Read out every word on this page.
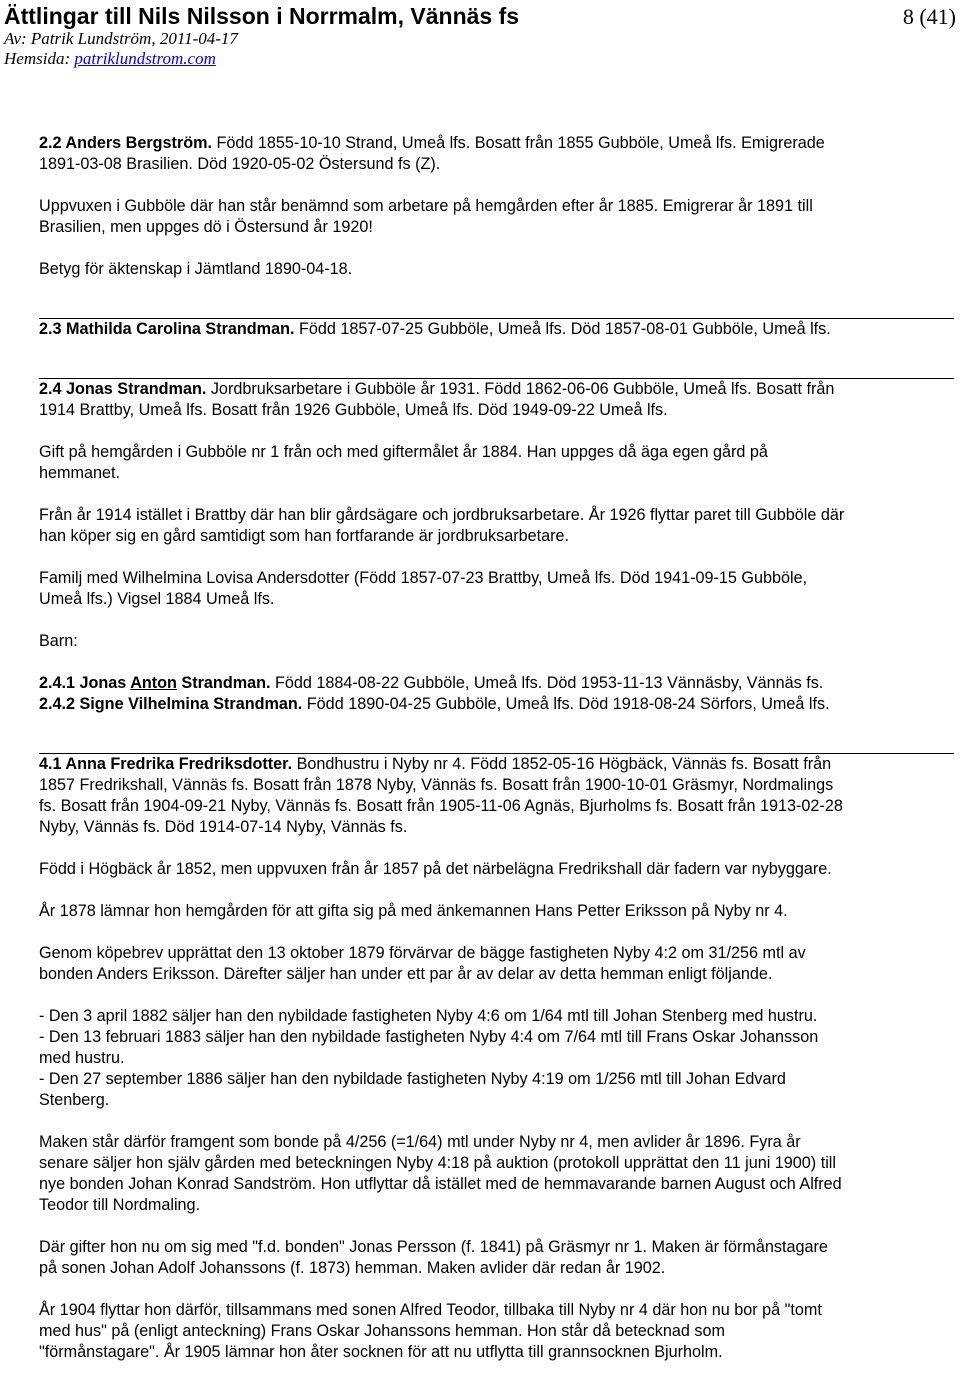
Ättlingar till Nils Nilsson i Norrmalm, Vännäs fs	8 (41)
Av: Patrik Lundström, 2011-04-17
Hemsida: patriklundstrom.com

2.2 Anders Bergström. Född 1855-10-10 Strand, Umeå lfs. Bosatt från 1855 Gubböle, Umeå lfs. Emigrerade

1891-03-08 Brasilien. Död 1920-05-02 Östersund fs (Z).

Uppvuxen i Gubböle där han står benämnd som arbetare på hemgården efter år 1885. Emigrerar år 1891 till

Brasilien, men uppges dö i Östersund år 1920!

Betyg för äktenskap i Jämtland 1890-04-18.

2.3 Mathilda Carolina Strandman. Född 1857-07-25 Gubböle, Umeå lfs. Död 1857-08-01 Gubböle, Umeå lfs.

2.4 Jonas Strandman. Jordbruksarbetare i Gubböle år 1931. Född 1862-06-06 Gubböle, Umeå lfs. Bosatt från

1914 Brattby, Umeå lfs. Bosatt från 1926 Gubböle, Umeå lfs. Död 1949-09-22 Umeå lfs.

Gift på hemgården i Gubböle nr 1 från och med giftermålet år 1884. Han uppges då äga egen gård på

hemmanet.

Från år 1914 istället i Brattby där han blir gårdsägare och jordbruksarbetare. År 1926 flyttar paret till Gubböle där

han köper sig en gård samtidigt som han fortfarande är jordbruksarbetare.

Familj med Wilhelmina Lovisa Andersdotter (Född 1857-07-23 Brattby, Umeå lfs. Död 1941-09-15 Gubböle,

Umeå lfs.) Vigsel 1884 Umeå lfs.

Barn:

2.4.1 Jonas Anton Strandman. Född 1884-08-22 Gubböle, Umeå lfs. Död 1953-11-13 Vännäsby, Vännäs fs.

2.4.2 Signe Vilhelmina Strandman. Född 1890-04-25 Gubböle, Umeå lfs. Död 1918-08-24 Sörfors, Umeå lfs.

4.1 Anna Fredrika Fredriksdotter. Bondhustru i Nyby nr 4. Född 1852-05-16 Högbäck, Vännäs fs. Bosatt från

1857 Fredrikshall, Vännäs fs. Bosatt från 1878 Nyby, Vännäs fs. Bosatt från 1900-10-01 Gräsmyr, Nordmalings

fs. Bosatt från 1904-09-21 Nyby, Vännäs fs. Bosatt från 1905-11-06 Agnäs, Bjurholms fs. Bosatt från 1913-02-28

Nyby, Vännäs fs. Död 1914-07-14 Nyby, Vännäs fs.

Född i Högbäck år 1852, men uppvuxen från år 1857 på det närbelägna Fredrikshall där fadern var nybyggare.

År 1878 lämnar hon hemgården för att gifta sig på med änkemannen Hans Petter Eriksson på Nyby nr 4.

Genom köpebrev upprättat den 13 oktober 1879 förvärvar de bägge fastigheten Nyby 4:2 om 31/256 mtl av

bonden Anders Eriksson. Därefter säljer han under ett par år av delar av detta hemman enligt följande.

- Den 3 april 1882 säljer han den nybildade fastigheten Nyby 4:6 om 1/64 mtl till Johan Stenberg med hustru.

- Den 13 februari 1883 säljer han den nybildade fastigheten Nyby 4:4 om 7/64 mtl till Frans Oskar Johansson

med hustru.

- Den 27 september 1886 säljer han den nybildade fastigheten Nyby 4:19 om 1/256 mtl till Johan Edvard

Stenberg.

Maken står därför framgent som bonde på 4/256 (=1/64) mtl under Nyby nr 4, men avlider år 1896. Fyra år

senare säljer hon själv gården med beteckningen Nyby 4:18 på auktion (protokoll upprättat den 11 juni 1900) till

nye bonden Johan Konrad Sandström. Hon utflyttar då istället med de hemmavarande barnen August och Alfred

Teodor till Nordmaling.

Där gifter hon nu om sig med "f.d. bonden" Jonas Persson (f. 1841) på Gräsmyr nr 1. Maken är förmånstagare

på sonen Johan Adolf Johanssons (f. 1873) hemman. Maken avlider där redan år 1902.

År 1904 flyttar hon därför, tillsammans med sonen Alfred Teodor, tillbaka till Nyby nr 4 där hon nu bor på "tomt

med hus" på (enligt anteckning) Frans Oskar Johanssons hemman. Hon står då betecknad som

"förmånstagare". År 1905 lämnar hon åter socknen för att nu utflytta till grannsocknen Bjurholm.
